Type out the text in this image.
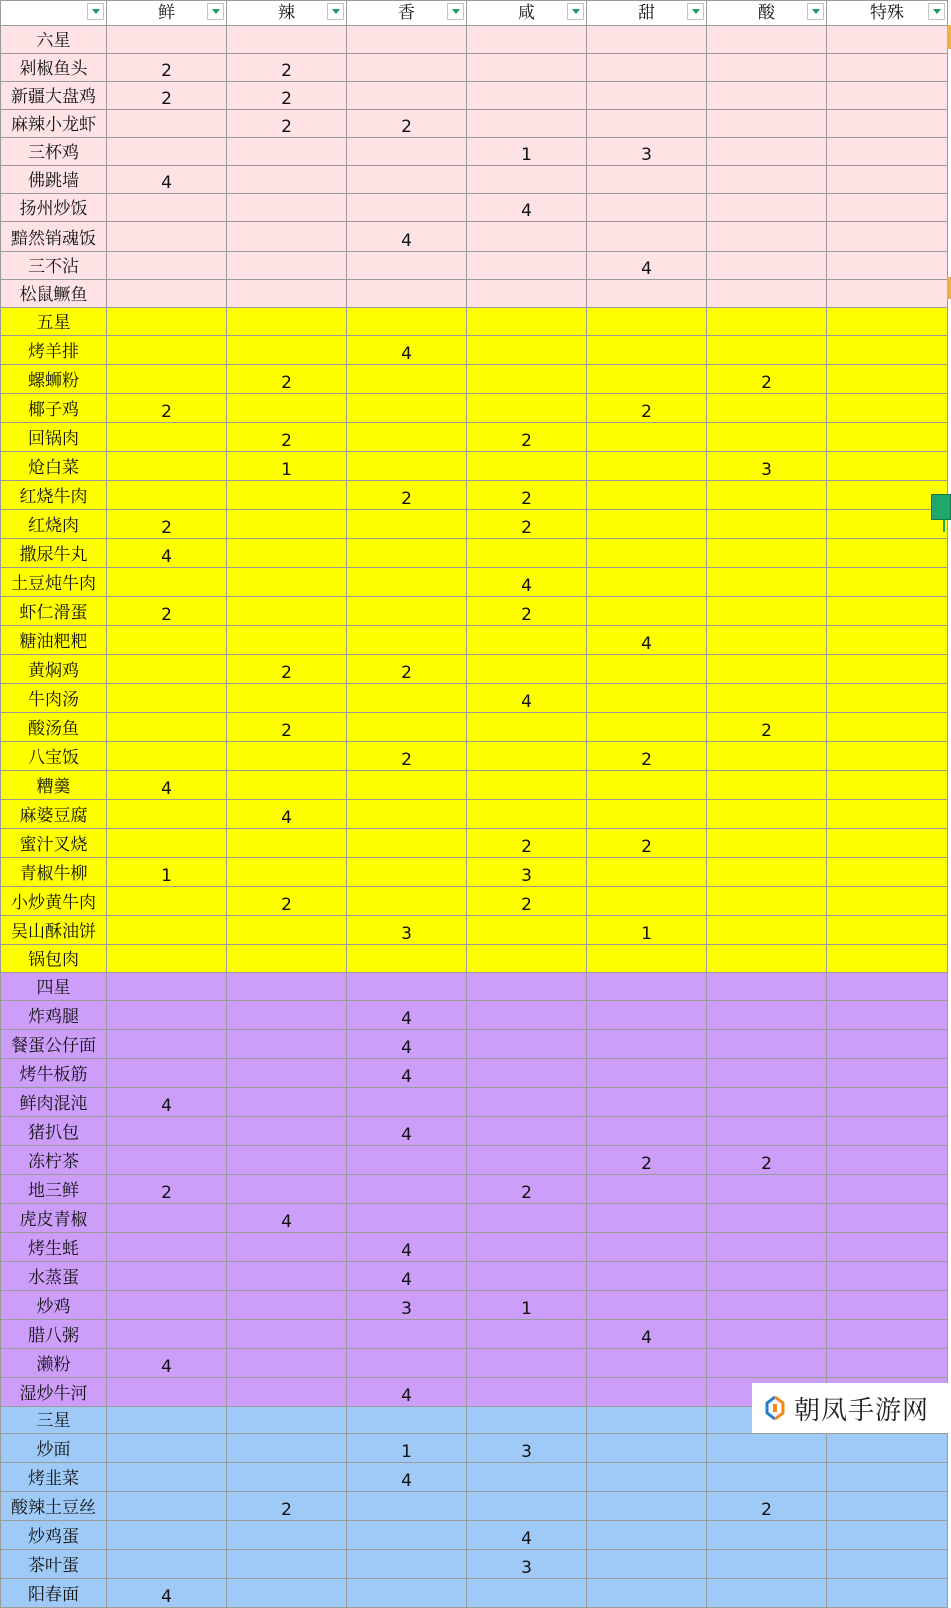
	鲜	辣	香	咸	甜	酸	特殊

六星							
剁椒鱼头	2	2					
新疆大盘鸡	2	2					
麻辣小龙虾		2	2				
三杯鸡				1	3		
佛跳墙	4						
扬州炒饭				4			
黯然销魂饭			4				
三不沾					4		
松鼠鳜鱼							
五星							
烤羊排			4				
螺蛳粉		2				2	
椰子鸡	2				2		
回锅肉		2		2			
炝白菜		1				3	
红烧牛肉			2	2			
红烧肉	2			2			
撒尿牛丸	4						
土豆炖牛肉				4			
虾仁滑蛋	2			2			
糖油粑粑					4		
黄焖鸡		2	2				
牛肉汤				4			
酸汤鱼		2				2	
八宝饭			2		2		
糟羹	4						
麻婆豆腐		4					
蜜汁叉烧				2	2		
青椒牛柳	1			3			
小炒黄牛肉		2		2			
吴山酥油饼			3		1		
锅包肉							
四星							
炸鸡腿			4				
餐蛋公仔面			4				
烤牛板筋			4				
鲜肉混沌	4						
猪扒包			4				
冻柠茶					2	2	
地三鲜	2			2			
虎皮青椒		4					
烤生蚝			4				
水蒸蛋			4				
炒鸡			3	1			
腊八粥					4		
濑粉	4						
湿炒牛河			4				
三星							
炒面			1	3			
烤韭菜			4				
酸辣土豆丝		2				2	
炒鸡蛋				4			
茶叶蛋				3			
阳春面	4						
朝凤手游网
